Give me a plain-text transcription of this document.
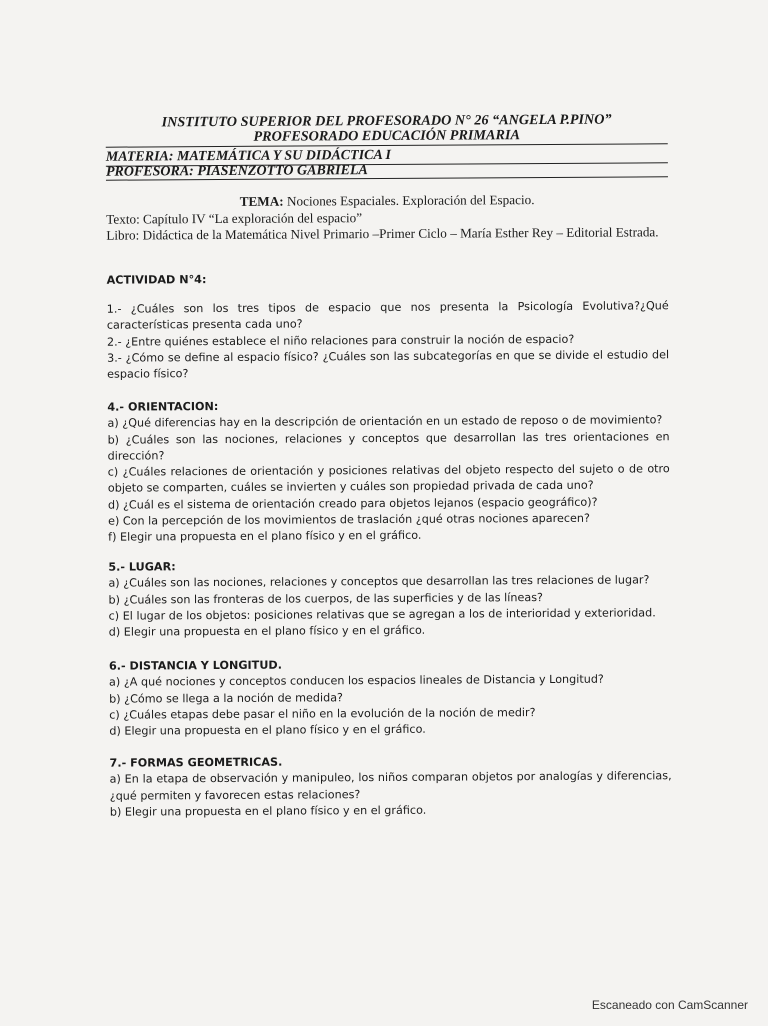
INSTITUTO SUPERIOR DEL PROFESORADO N° 26 “ANGELA P.PINO”
PROFESORADO EDUCACIÓN PRIMARIA
MATERIA: MATEMÁTICA Y SU DIDÁCTICA I
PROFESORA: PIASENZOTTO GABRIELA
TEMA: Nociones Espaciales. Exploración del Espacio.
Texto: Capítulo IV “La exploración del espacio”
Libro: Didáctica de la Matemática Nivel Primario –Primer Ciclo – María Esther Rey – Editorial Estrada.
ACTIVIDAD N°4:
1.- ¿Cuáles son los tres tipos de espacio que nos presenta la Psicología Evolutiva?¿Qué características presenta cada uno?
2.- ¿Entre quiénes establece el niño relaciones para construir la noción de espacio?
3.- ¿Cómo se define al espacio físico? ¿Cuáles son las subcategorías en que se divide el estudio del espacio físico?
4.- ORIENTACION:
a) ¿Qué diferencias hay en la descripción de orientación en un estado de reposo o de movimiento?
b) ¿Cuáles son las nociones, relaciones y conceptos que desarrollan las tres orientaciones en dirección?
c) ¿Cuáles relaciones de orientación y posiciones relativas del objeto respecto del sujeto o de otro objeto se comparten, cuáles se invierten y cuáles son propiedad privada de cada uno?
d) ¿Cuál es el sistema de orientación creado para objetos lejanos (espacio geográfico)?
e) Con la percepción de los movimientos de traslación ¿qué otras nociones aparecen?
f) Elegir una propuesta en el plano físico y en el gráfico.
5.- LUGAR:
a) ¿Cuáles son las nociones, relaciones y conceptos que desarrollan las tres relaciones de lugar?
b) ¿Cuáles son las fronteras de los cuerpos, de las superficies y de las líneas?
c) El lugar de los objetos: posiciones relativas que se agregan a los de interioridad y exterioridad.
d) Elegir una propuesta en el plano físico y en el gráfico.
6.- DISTANCIA Y LONGITUD.
a) ¿A qué nociones y conceptos conducen los espacios lineales de Distancia y Longitud?
b) ¿Cómo se llega a la noción de medida?
c) ¿Cuáles etapas debe pasar el niño en la evolución de la noción de medir?
d) Elegir una propuesta en el plano físico y en el gráfico.
7.- FORMAS GEOMETRICAS.
a) En la etapa de observación y manipuleo, los niños comparan objetos por analogías y diferencias, ¿qué permiten y favorecen estas relaciones?
b) Elegir una propuesta en el plano físico y en el gráfico.
Escaneado con CamScanner
